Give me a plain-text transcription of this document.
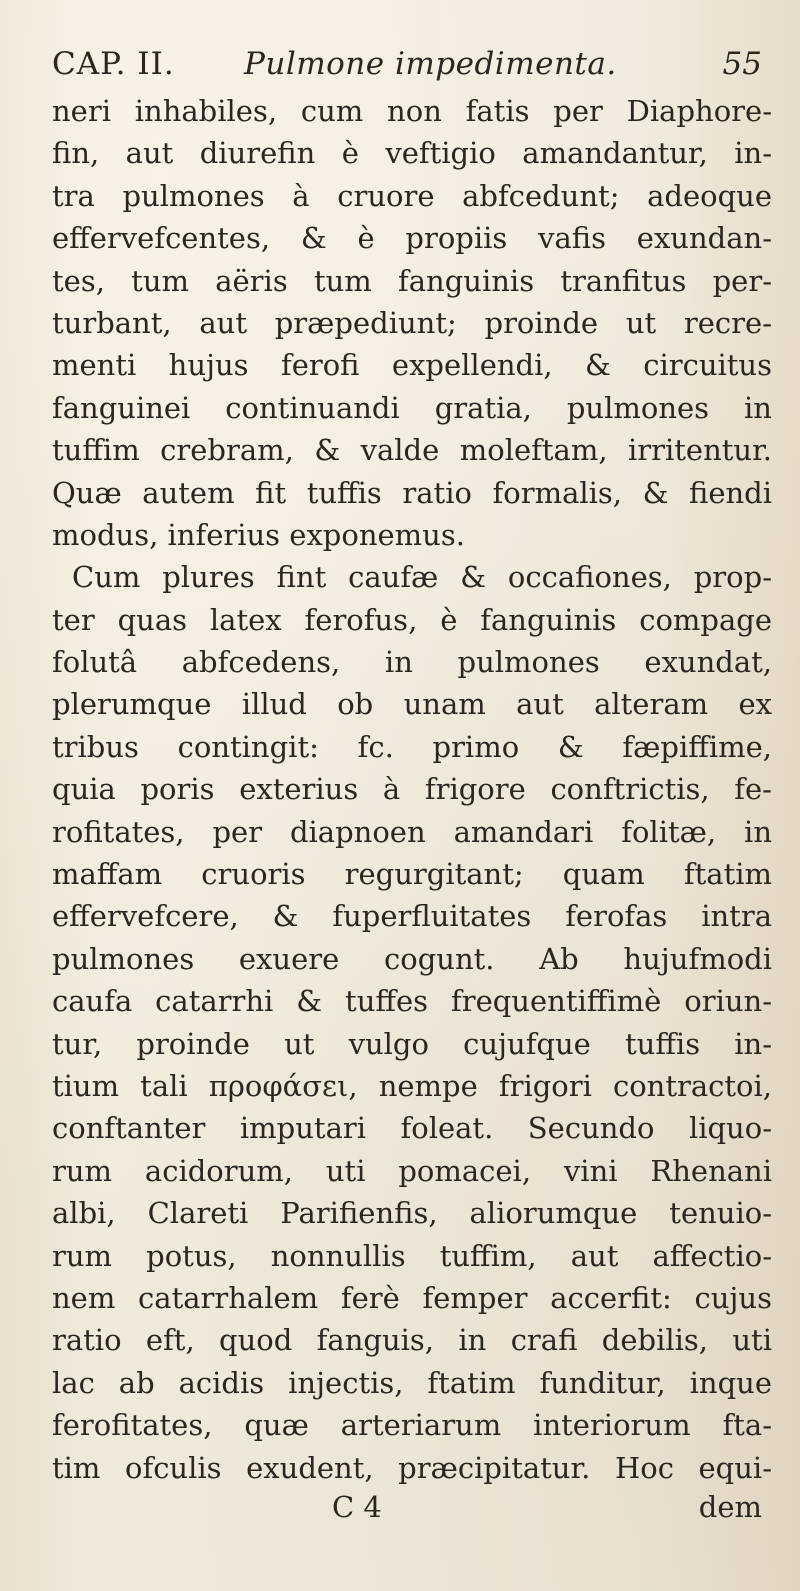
CAP. II. Pulmone impedimenta.	55
neri inhabiles, cum non fatis per Diaphore-
fin, aut diurefin è veftigio amandantur, in-
tra pulmones à cruore abfcedunt; adeoque
effervefcentes, & è propiis vafis exundan-
tes, tum aëris tum fanguinis tranfitus per-
turbant, aut præpediunt; proinde ut recre-
menti hujus ferofi expellendi, & circuitus
fanguinei continuandi gratia, pulmones in
tuffim crebram, & valde moleftam, irritentur.
Quæ autem fit tuffis ratio formalis, & fiendi
modus, inferius exponemus.
Cum plures fint caufæ & occafiones, prop-
ter quas latex ferofus, è fanguinis compage
folutâ abfcedens, in pulmones exundat,
plerumque illud ob unam aut alteram ex
tribus contingit: fc. primo & fæpiffime,
quia poris exterius à frigore conftrictis, fe-
rofitates, per diapnoen amandari folitæ, in
maffam cruoris regurgitant; quam ftatim
effervefcere, & fuperfluitates ferofas intra
pulmones exuere cogunt. Ab hujufmodi
caufa catarrhi & tuffes frequentiffimè oriun-
tur, proinde ut vulgo cujufque tuffis in-
tium tali προφάσει, nempe frigori contractoi,
conftanter imputari foleat. Secundo liquo-
rum acidorum, uti pomacei, vini Rhenani
albi, Clareti Parifienfis, aliorumque tenuio-
rum potus, nonnullis tuffim, aut affectio-
nem catarrhalem ferè femper accerfit: cujus
ratio eft, quod fanguis, in crafi debilis, uti
lac ab acidis injectis, ftatim funditur, inque
ferofitates, quæ arteriarum interiorum fta-
tim ofculis exudent, præcipitatur. Hoc equi-
C 4	dem
